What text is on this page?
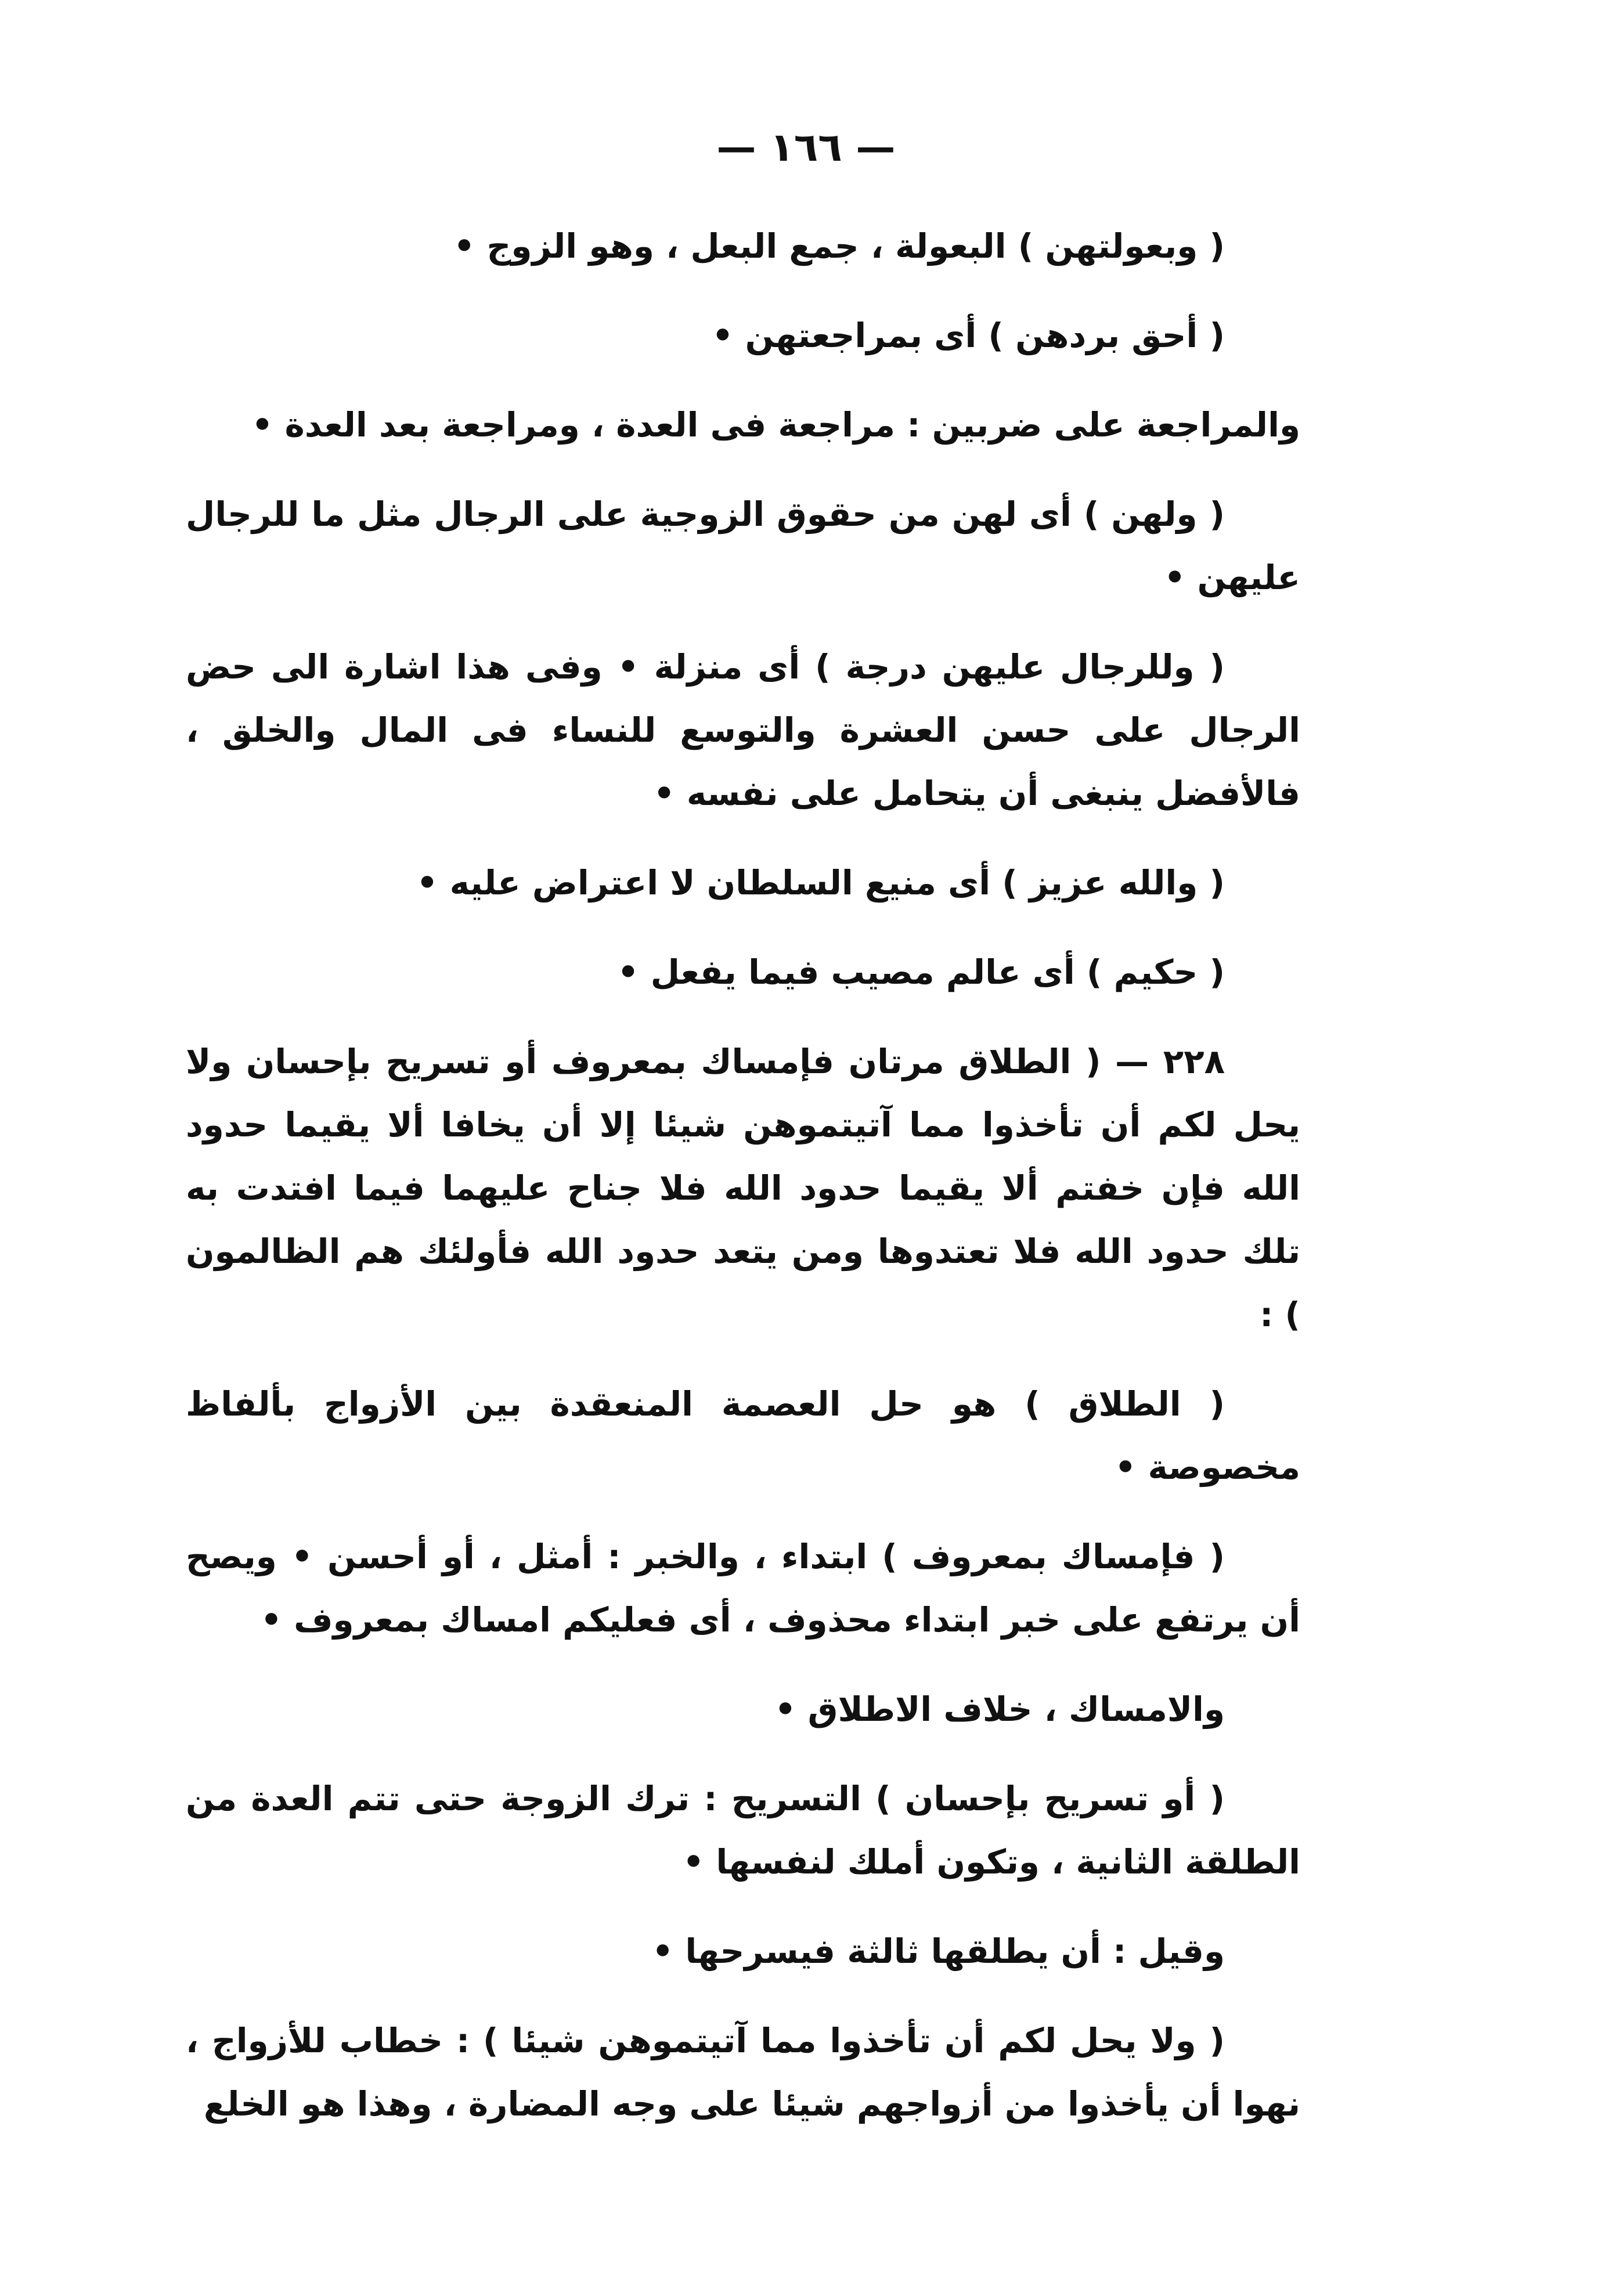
— ١٦٦ —

( وبعولتهن ) البعولة ، جمع البعل ، وهو الزوج •

( أحق بردهن ) أى بمراجعتهن •

والمراجعة على ضربين : مراجعة فى العدة ، ومراجعة بعد العدة •

( ولهن ) أى لهن من حقوق الزوجية على الرجال مثل ما للرجال عليهن •

( وللرجال عليهن درجة ) أى منزلة • وفى هذا اشارة الى حض الرجال على حسن العشرة والتوسع للنساء فى المال والخلق ، فالأفضل ينبغى أن يتحامل على نفسه •

( والله عزيز ) أى منيع السلطان لا اعتراض عليه •

( حكيم ) أى عالم مصيب فيما يفعل •

٢٢٨ — ( الطلاق مرتان فإمساك بمعروف أو تسريح بإحسان ولا يحل لكم أن تأخذوا مما آتيتموهن شيئا إلا أن يخافا ألا يقيما حدود الله فإن خفتم ألا يقيما حدود الله فلا جناح عليهما فيما افتدت به تلك حدود الله فلا تعتدوها ومن يتعد حدود الله فأولئك هم الظالمون ) :

( الطلاق ) هو حل العصمة المنعقدة بين الأزواج بألفاظ مخصوصة •

( فإمساك بمعروف ) ابتداء ، والخبر : أمثل ، أو أحسن • ويصح أن يرتفع على خبر ابتداء محذوف ، أى فعليكم امساك بمعروف •

والامساك ، خلاف الاطلاق •

( أو تسريح بإحسان ) التسريح : ترك الزوجة حتى تتم العدة من الطلقة الثانية ، وتكون أملك لنفسها •

وقيل : أن يطلقها ثالثة فيسرحها •

( ولا يحل لكم أن تأخذوا مما آتيتموهن شيئا ) : خطاب للأزواج ، نهوا أن يأخذوا من أزواجهم شيئا على وجه المضارة ، وهذا هو الخلع
